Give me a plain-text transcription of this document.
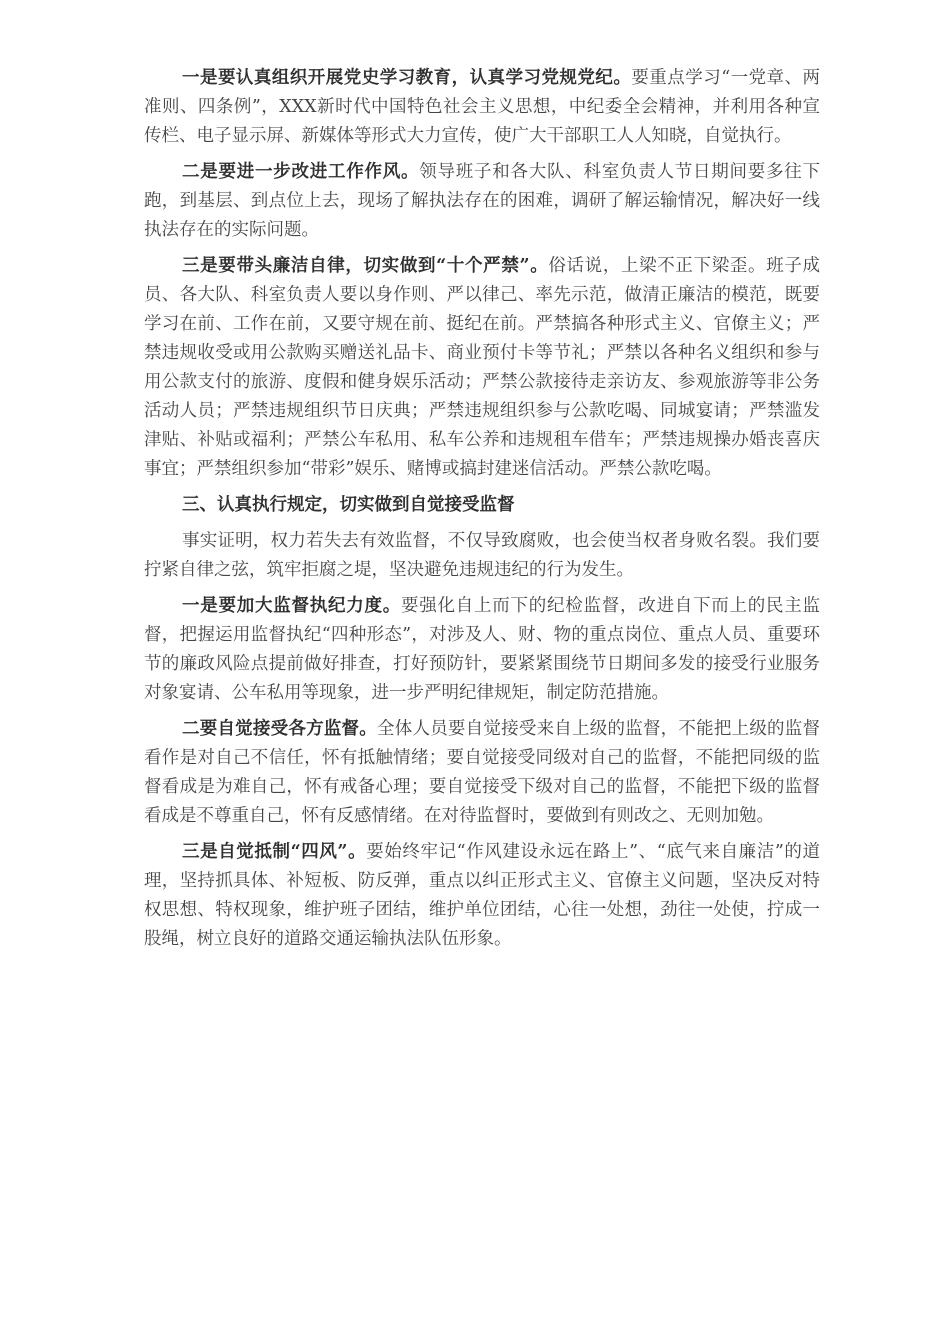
一是要认真组织开展党史学习教育，认真学习党规党纪。要重点学习“一党章、两准则、四条例”，XXX新时代中国特色社会主义思想，中纪委全会精神，并利用各种宣传栏、电子显示屏、新媒体等形式大力宣传，使广大干部职工人人知晓，自觉执行。

二是要进一步改进工作作风。领导班子和各大队、科室负责人节日期间要多往下跑，到基层、到点位上去，现场了解执法存在的困难，调研了解运输情况，解决好一线执法存在的实际问题。

三是要带头廉洁自律，切实做到“十个严禁”。俗话说，上梁不正下梁歪。班子成员、各大队、科室负责人要以身作则、严以律己、率先示范，做清正廉洁的模范，既要学习在前、工作在前，又要守规在前、挺纪在前。严禁搞各种形式主义、官僚主义；严禁违规收受或用公款购买赠送礼品卡、商业预付卡等节礼；严禁以各种名义组织和参与用公款支付的旅游、度假和健身娱乐活动；严禁公款接待走亲访友、参观旅游等非公务活动人员；严禁违规组织节日庆典；严禁违规组织参与公款吃喝、同城宴请；严禁滥发津贴、补贴或福利；严禁公车私用、私车公养和违规租车借车；严禁违规操办婚丧喜庆事宜；严禁组织参加“带彩”娱乐、赌博或搞封建迷信活动。严禁公款吃喝。

三、认真执行规定，切实做到自觉接受监督

事实证明，权力若失去有效监督，不仅导致腐败，也会使当权者身败名裂。我们要拧紧自律之弦，筑牢拒腐之堤，坚决避免违规违纪的行为发生。

一是要加大监督执纪力度。要强化自上而下的纪检监督，改进自下而上的民主监督，把握运用监督执纪“四种形态”，对涉及人、财、物的重点岗位、重点人员、重要环节的廉政风险点提前做好排查，打好预防针，要紧紧围绕节日期间多发的接受行业服务对象宴请、公车私用等现象，进一步严明纪律规矩，制定防范措施。

二要自觉接受各方监督。全体人员要自觉接受来自上级的监督，不能把上级的监督看作是对自己不信任，怀有抵触情绪；要自觉接受同级对自己的监督，不能把同级的监督看成是为难自己，怀有戒备心理；要自觉接受下级对自己的监督，不能把下级的监督看成是不尊重自己，怀有反感情绪。在对待监督时，要做到有则改之、无则加勉。

三是自觉抵制“四风”。要始终牢记“作风建设永远在路上”、“底气来自廉洁”的道理，坚持抓具体、补短板、防反弹，重点以纠正形式主义、官僚主义问题，坚决反对特权思想、特权现象，维护班子团结，维护单位团结，心往一处想，劲往一处使，拧成一股绳，树立良好的道路交通运输执法队伍形象。
